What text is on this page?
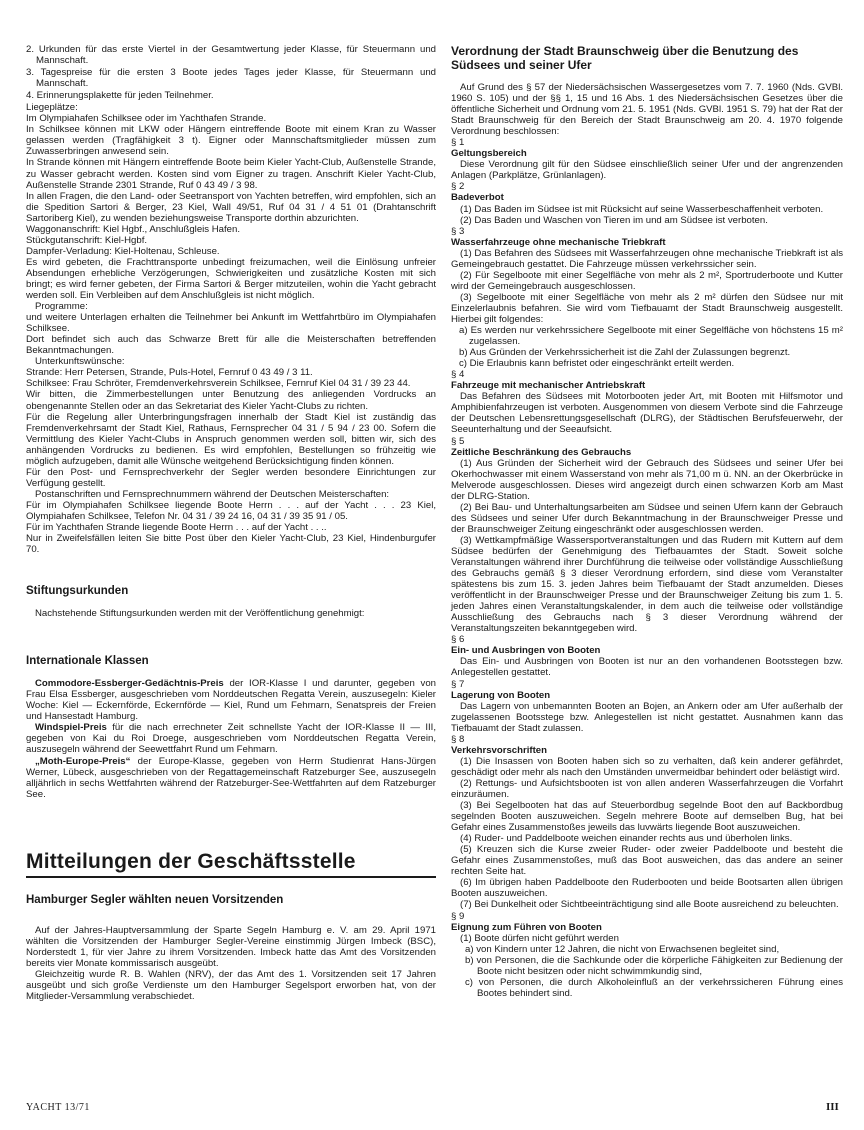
2. Urkunden für das erste Viertel in der Gesamtwertung jeder Klasse, für Steuermann und Mannschaft.
3. Tagespreise für die ersten 3 Boote jedes Tages jeder Klasse, für Steuermann und Mannschaft.
4. Erinnerungsplakette für jeden Teilnehmer.

Liegeplätze:

Im Olympiahafen Schilksee oder im Yachthafen Strande.

In Schilksee können mit LKW oder Hängern eintreffende Boote mit einem Kran zu Wasser gelassen werden (Tragfähigkeit 3 t). Eigner oder Mannschaftsmitglieder müssen zum Zuwasserbringen anwesend sein.

In Strande können mit Hängern eintreffende Boote beim Kieler Yacht-Club, Außenstelle Strande, zu Wasser gebracht werden. Kosten sind vom Eigner zu tragen. Anschrift Kieler Yacht-Club, Außenstelle Strande 2301 Strande, Ruf 0 43 49 / 3 98.

In allen Fragen, die den Land- oder Seetransport von Yachten betreffen, wird empfohlen, sich an die Spedition Sartori & Berger, 23 Kiel, Wall 49/51, Ruf 04 31 / 4 51 01 (Drahtanschrift Sartoriberg Kiel), zu wenden beziehungsweise Transporte dorthin abzurichten.

Waggonanschrift: Kiel Hgbf., Anschlußgleis Hafen.

Stückgutanschrift: Kiel-Hgbf.

Dampfer-Verladung: Kiel-Holtenau, Schleuse.

Es wird gebeten, die Frachttransporte unbedingt freizumachen, weil die Einlösung unfreier Absendungen erhebliche Verzögerungen, Schwierigkeiten und zusätzliche Kosten mit sich bringt; es wird ferner gebeten, der Firma Sartori & Berger mitzuteilen, wohin die Yacht gebracht werden soll. Ein Verbleiben auf dem Anschlußgleis ist nicht möglich.

Programme:

und weitere Unterlagen erhalten die Teilnehmer bei Ankunft im Wettfahrtbüro im Olympiahafen Schilksee.

Dort befindet sich auch das Schwarze Brett für alle die Meisterschaften betreffenden Bekanntmachungen.

Unterkunftswünsche:

Strande: Herr Petersen, Strande, Puls-Hotel, Fernruf 0 43 49 / 3 11.

Schilksee: Frau Schröter, Fremdenverkehrsverein Schilksee, Fernruf Kiel 04 31 / 39 23 44.

Wir bitten, die Zimmerbestellungen unter Benutzung des anliegenden Vordrucks an obengenannte Stellen oder an das Sekretariat des Kieler Yacht-Clubs zu richten.

Für die Regelung aller Unterbringungsfragen innerhalb der Stadt Kiel ist zuständig das Fremdenverkehrsamt der Stadt Kiel, Rathaus, Fernsprecher 04 31 / 5 94 / 23 00. Sofern die Vermittlung des Kieler Yacht-Clubs in Anspruch genommen werden soll, bitten wir, sich des anhängenden Vordrucks zu bedienen. Es wird empfohlen, Bestellungen so frühzeitig wie möglich aufzugeben, damit alle Wünsche weitgehend Berücksichtigung finden können.

Für den Post- und Fernsprechverkehr der Segler werden besondere Einrichtungen zur Verfügung gestellt.

Postanschriften und Fernsprechnummern während der Deutschen Meisterschaften:

Für im Olympiahafen Schilksee liegende Boote Herrn . . . auf der Yacht . . . 23 Kiel, Olympiahafen Schilksee, Telefon Nr. 04 31 / 39 24 16, 04 31 / 39 35 91 / 05.

Für im Yachthafen Strande liegende Boote Herrn . . . auf der Yacht . . ..

Nur in Zweifelsfällen leiten Sie bitte Post über den Kieler Yacht-Club, 23 Kiel, Hindenburgufer 70.

Stiftungsurkunden

Nachstehende Stiftungsurkunden werden mit der Veröffentlichung genehmigt:

Internationale Klassen

Commodore-Essberger-Gedächtnis-Preis der IOR-Klasse I und darunter, gegeben von Frau Elsa Essberger, ausgeschrieben vom Norddeutschen Regatta Verein, auszusegeln: Kieler Woche: Kiel — Eckernförde, Eckernförde — Kiel, Rund um Fehmarn, Senatspreis der Freien und Hansestadt Hamburg.

Windspiel-Preis für die nach errechneter Zeit schnellste Yacht der IOR-Klasse II — III, gegeben von Kai du Roi Droege, ausgeschrieben vom Norddeutschen Regatta Verein, auszusegeln während der Seewettfahrt Rund um Fehmarn.

„Moth-Europe-Preis“ der Europe-Klasse, gegeben von Herrn Studienrat Hans-Jürgen Werner, Lübeck, ausgeschrieben von der Regattagemeinschaft Ratzeburger See, auszusegeln alljährlich in sechs Wettfahrten während der Ratzeburger-See-Wettfahrten auf dem Ratzeburger See.

Mitteilungen der Geschäftsstelle
Hamburger Segler wählten neuen Vorsitzenden

Auf der Jahres-Hauptversammlung der Sparte Segeln Hamburg e. V. am 29. April 1971 wählten die Vorsitzenden der Hamburger Segler-Vereine einstimmig Jürgen Imbeck (BSC), Norderstedt 1, für vier Jahre zu ihrem Vorsitzenden. Imbeck hatte das Amt des Vorsitzenden bereits vier Monate kommissarisch ausgeübt.

Gleichzeitig wurde R. B. Wahlen (NRV), der das Amt des 1. Vorsitzenden seit 17 Jahren ausgeübt und sich große Verdienste um den Hamburger Segelsport erworben hat, von der Mitglieder-Versammlung verabschiedet.

Verordnung der Stadt Braunschweig über die Benutzung des Südsees und seiner Ufer

Auf Grund des § 57 der Niedersächsischen Wassergesetzes vom 7. 7. 1960 (Nds. GVBl. 1960 S. 105) und der §§ 1, 15 und 16 Abs. 1 des Niedersächsischen Gesetzes über die öffentliche Sicherheit und Ordnung vom 21. 5. 1951 (Nds. GVBl. 1951 S. 79) hat der Rat der Stadt Braunschweig für den Bereich der Stadt Braunschweig am 20. 4. 1970 folgende Verordnung beschlossen:

§ 1

Geltungsbereich

Diese Verordnung gilt für den Südsee einschließlich seiner Ufer und der angrenzenden Anlagen (Parkplätze, Grünlanlagen).

§ 2

Badeverbot

(1) Das Baden im Südsee ist mit Rücksicht auf seine Wasserbeschaffenheit verboten.

(2) Das Baden und Waschen von Tieren im und am Südsee ist verboten.

§ 3

Wasserfahrzeuge ohne mechanische Triebkraft

(1) Das Befahren des Südsees mit Wasserfahrzeugen ohne mechanische Triebkraft ist als Gemeingebrauch gestattet. Die Fahrzeuge müssen verkehrssicher sein.

(2) Für Segelboote mit einer Segelfläche von mehr als 2 m², Sportruderboote und Kutter wird der Gemeingebrauch ausgeschlossen.

(3) Segelboote mit einer Segelfläche von mehr als 2 m² dürfen den Südsee nur mit Einzelerlaubnis befahren. Sie wird vom Tiefbauamt der Stadt Braunschweig ausgestellt. Hierbei gilt folgendes:

a) Es werden nur verkehrssichere Segelboote mit einer Segelfläche von höchstens 15 m² zugelassen.

b) Aus Gründen der Verkehrssicherheit ist die Zahl der Zulassungen begrenzt.

c) Die Erlaubnis kann befristet oder eingeschränkt erteilt werden.

§ 4

Fahrzeuge mit mechanischer Antriebskraft

Das Befahren des Südsees mit Motorbooten jeder Art, mit Booten mit Hilfsmotor und Amphibienfahrzeugen ist verboten. Ausgenommen von diesem Verbote sind die Fahrzeuge der Deutschen Lebensrettungsgesellschaft (DLRG), der Städtischen Berufsfeuerwehr, der Seeunterhaltung und der Seeaufsicht.

§ 5

Zeitliche Beschränkung des Gebrauchs

(1) Aus Gründen der Sicherheit wird der Gebrauch des Südsees und seiner Ufer bei Okerhochwasser mit einem Wasserstand von mehr als 71,00 m ü. NN. an der Okerbrücke in Melverode ausgeschlossen. Dieses wird angezeigt durch einen schwarzen Korb am Mast der DLRG-Station.

(2) Bei Bau- und Unterhaltungsarbeiten am Südsee und seinen Ufern kann der Gebrauch des Südsees und seiner Ufer durch Bekanntmachung in der Braunschweiger Presse und der Braunschweiger Zeitung eingeschränkt oder ausgeschlossen werden.

(3) Wettkampfmäßige Wassersportveranstaltungen und das Rudern mit Kuttern auf dem Südsee bedürfen der Genehmigung des Tiefbauamtes der Stadt. Soweit solche Veranstaltungen während ihrer Durchführung die teilweise oder vollständige Ausschließung des Gebrauchs gemäß § 3 dieser Verordnung erfordern, sind diese vom Veranstalter spätestens bis zum 15. 3. jeden Jahres beim Tiefbauamt der Stadt anzumelden. Dieses veröffentlicht in der Braunschweiger Presse und der Braunschweiger Zeitung bis zum 1. 5. jeden Jahres einen Veranstaltungskalender, in dem auch die teilweise oder vollständige Ausschließung des Gebrauchs nach § 3 dieser Verordnung während der Veranstaltungszeiten bekanntgegeben wird.

§ 6

Ein- und Ausbringen von Booten

Das Ein- und Ausbringen von Booten ist nur an den vorhandenen Bootsstegen bzw. Anlegestellen gestattet.

§ 7

Lagerung von Booten

Das Lagern von unbemannten Booten an Bojen, an Ankern oder am Ufer außerhalb der zugelassenen Bootsstege bzw. Anlegestellen ist nicht gestattet. Ausnahmen kann das Tiefbauamt der Stadt zulassen.

§ 8

Verkehrsvorschriften

(1) Die Insassen von Booten haben sich so zu verhalten, daß kein anderer gefährdet, geschädigt oder mehr als nach den Umständen unvermeidbar behindert oder belästigt wird.

(2) Rettungs- und Aufsichtsbooten ist von allen anderen Wasserfahrzeugen die Vorfahrt einzuräumen.

(3) Bei Segelbooten hat das auf Steuerbordbug segelnde Boot den auf Backbordbug segelnden Booten auszuweichen. Segeln mehrere Boote auf demselben Bug, hat bei Gefahr eines Zusammenstoßes jeweils das luvwärts liegende Boot auszuweichen.

(4) Ruder- und Paddelboote weichen einander rechts aus und überholen links.

(5) Kreuzen sich die Kurse zweier Ruder- oder zweier Paddelboote und besteht die Gefahr eines Zusammenstoßes, muß das Boot ausweichen, das das andere an seiner rechten Seite hat.

(6) Im übrigen haben Paddelboote den Ruderbooten und beide Bootsarten allen übrigen Booten auszuweichen.

(7) Bei Dunkelheit oder Sichtbeeinträchtigung sind alle Boote ausreichend zu beleuchten.

§ 9

Eignung zum Führen von Booten

(1) Boote dürfen nicht geführt werden

a) von Kindern unter 12 Jahren, die nicht von Erwachsenen begleitet sind,

b) von Personen, die die Sachkunde oder die körperliche Fähigkeiten zur Bedienung der Boote nicht besitzen oder nicht schwimmkundig sind,

c) von Personen, die durch Alkoholeinfluß an der verkehrssicheren Führung eines Bootes behindert sind.

YACHT 13/71	III
